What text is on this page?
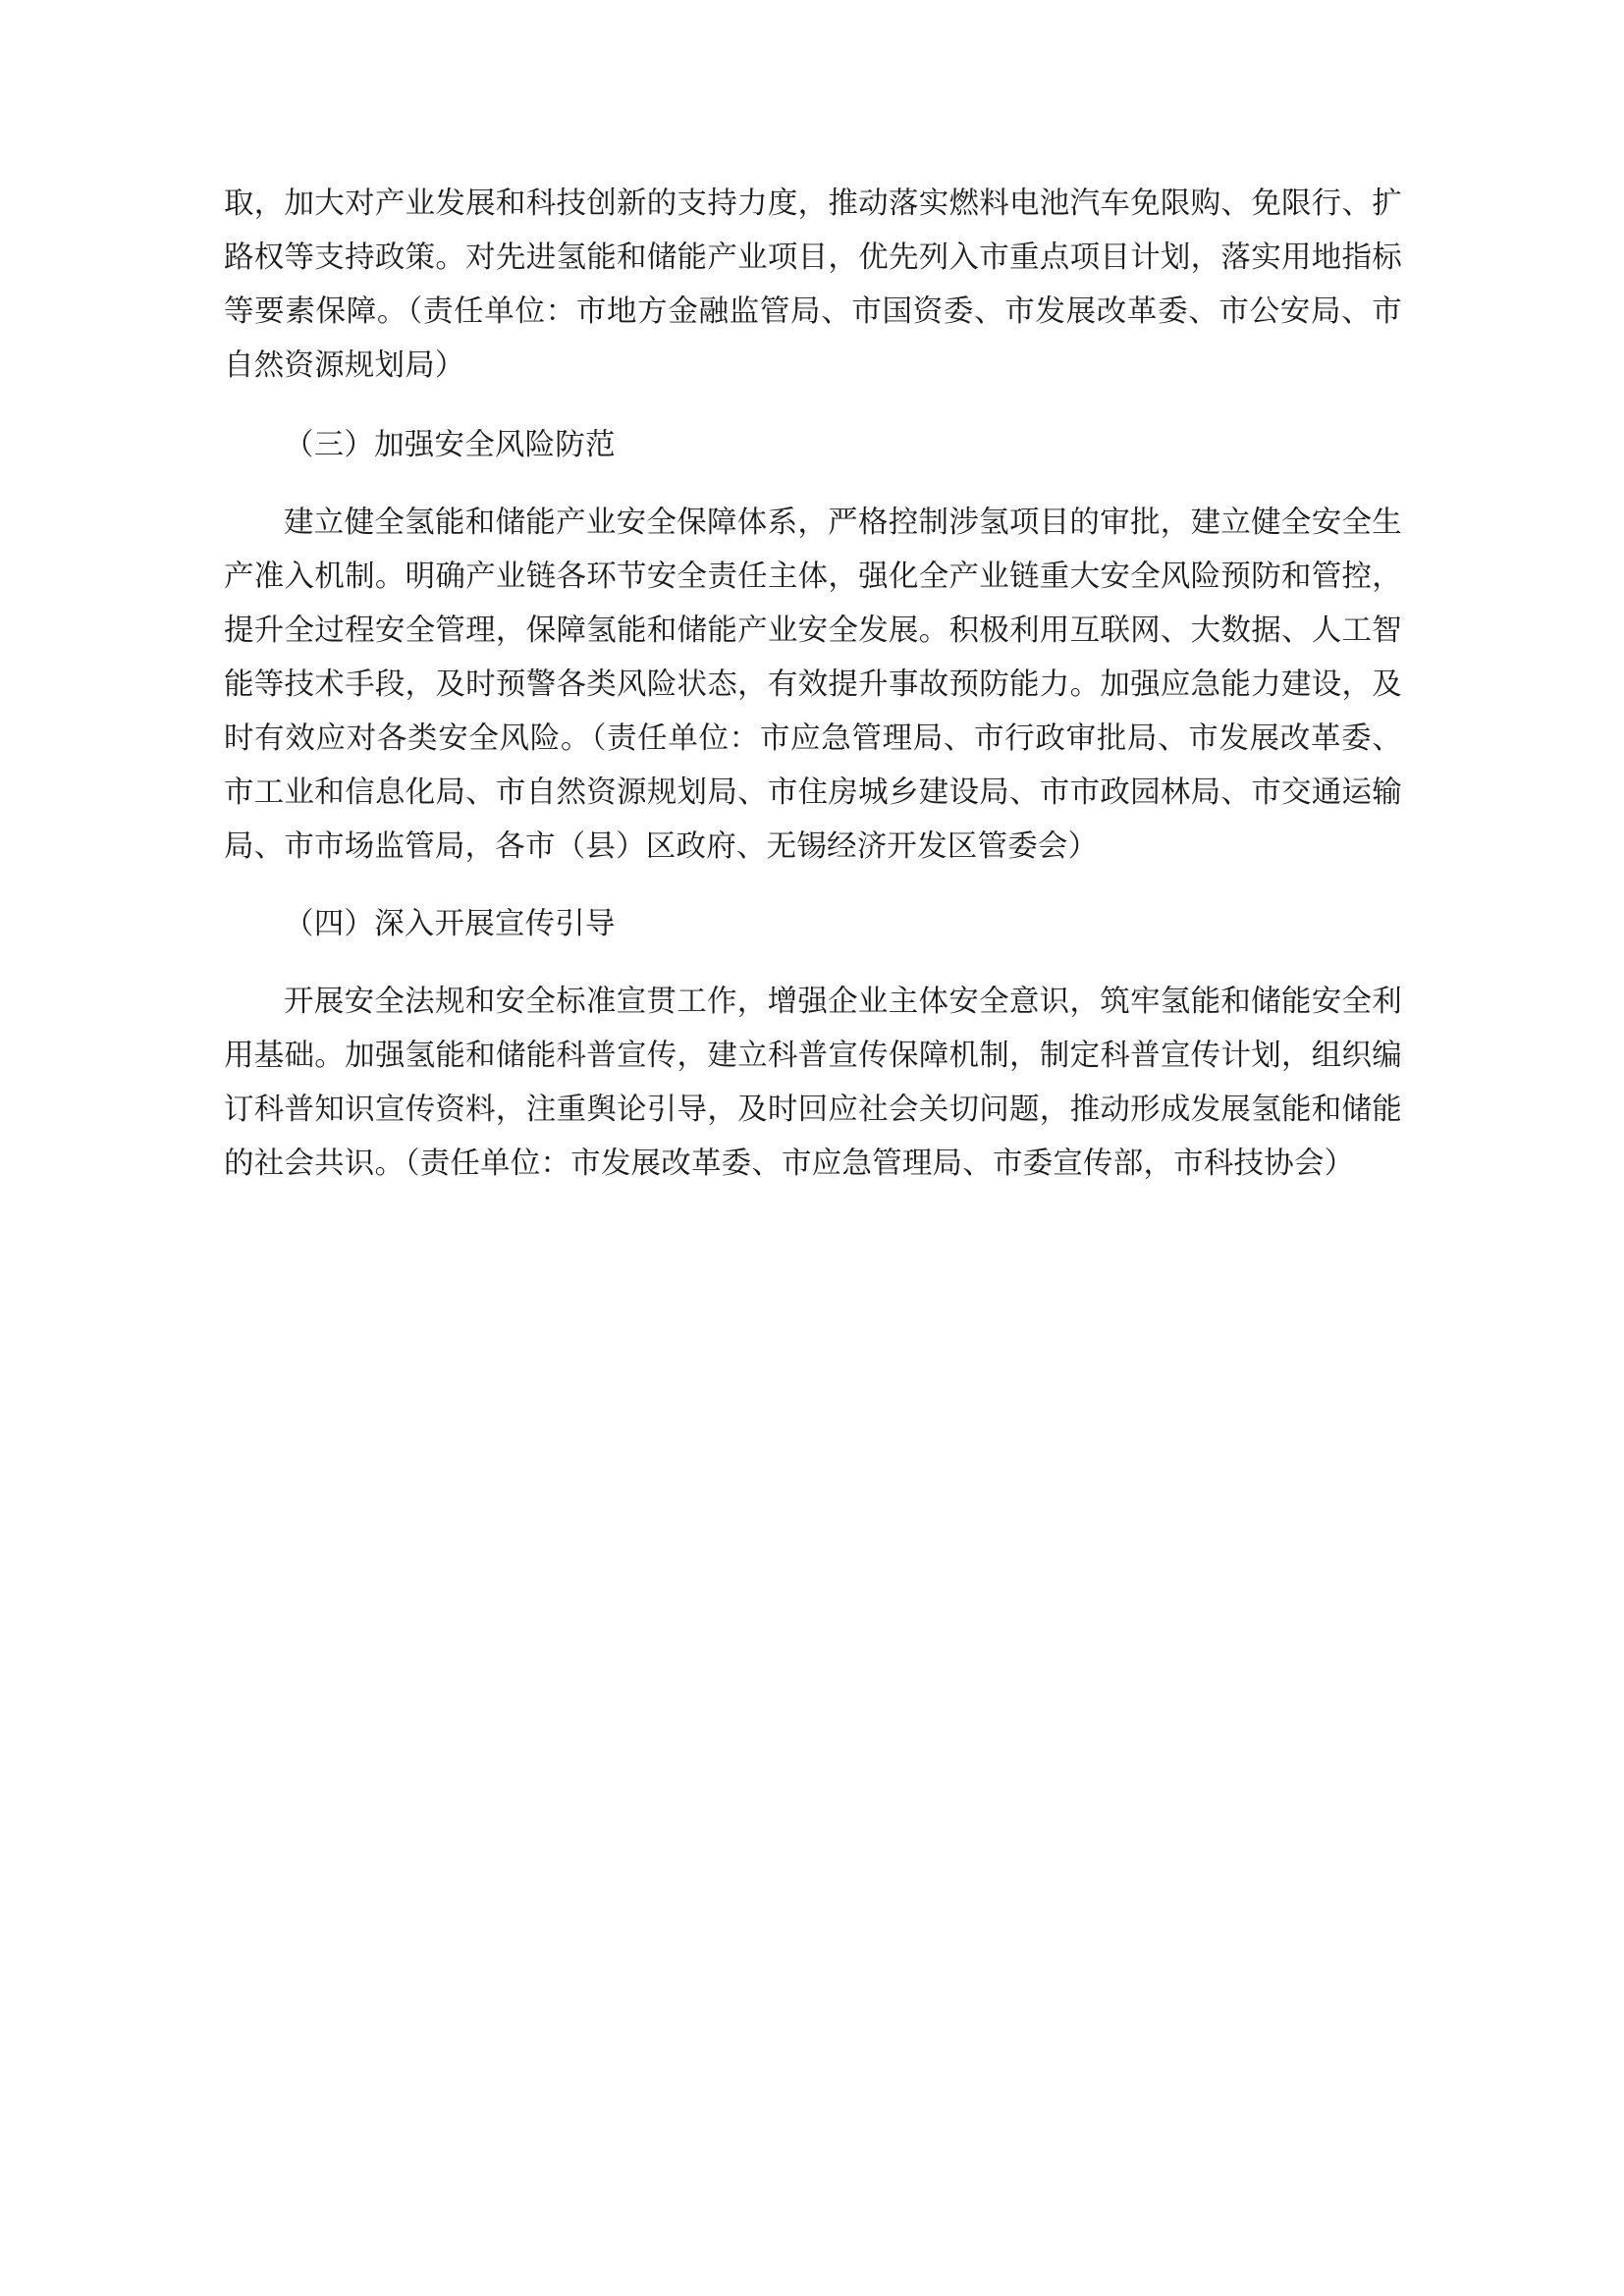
取，加大对产业发展和科技创新的支持力度，推动落实燃料电池汽车免限购、免限行、扩路权等支持政策。对先进氢能和储能产业项目，优先列入市重点项目计划，落实用地指标等要素保障。（责任单位：市地方金融监管局、市国资委、市发展改革委、市公安局、市自然资源规划局）

（三）加强安全风险防范

建立健全氢能和储能产业安全保障体系，严格控制涉氢项目的审批，建立健全安全生产准入机制。明确产业链各环节安全责任主体，强化全产业链重大安全风险预防和管控，提升全过程安全管理，保障氢能和储能产业安全发展。积极利用互联网、大数据、人工智能等技术手段，及时预警各类风险状态，有效提升事故预防能力。加强应急能力建设，及时有效应对各类安全风险。（责任单位：市应急管理局、市行政审批局、市发展改革委、市工业和信息化局、市自然资源规划局、市住房城乡建设局、市市政园林局、市交通运输局、市市场监管局，各市（县）区政府、无锡经济开发区管委会）

（四）深入开展宣传引导

开展安全法规和安全标准宣贯工作，增强企业主体安全意识，筑牢氢能和储能安全利用基础。加强氢能和储能科普宣传，建立科普宣传保障机制，制定科普宣传计划，组织编订科普知识宣传资料，注重舆论引导，及时回应社会关切问题，推动形成发展氢能和储能的社会共识。（责任单位：市发展改革委、市应急管理局、市委宣传部，市科技协会）
